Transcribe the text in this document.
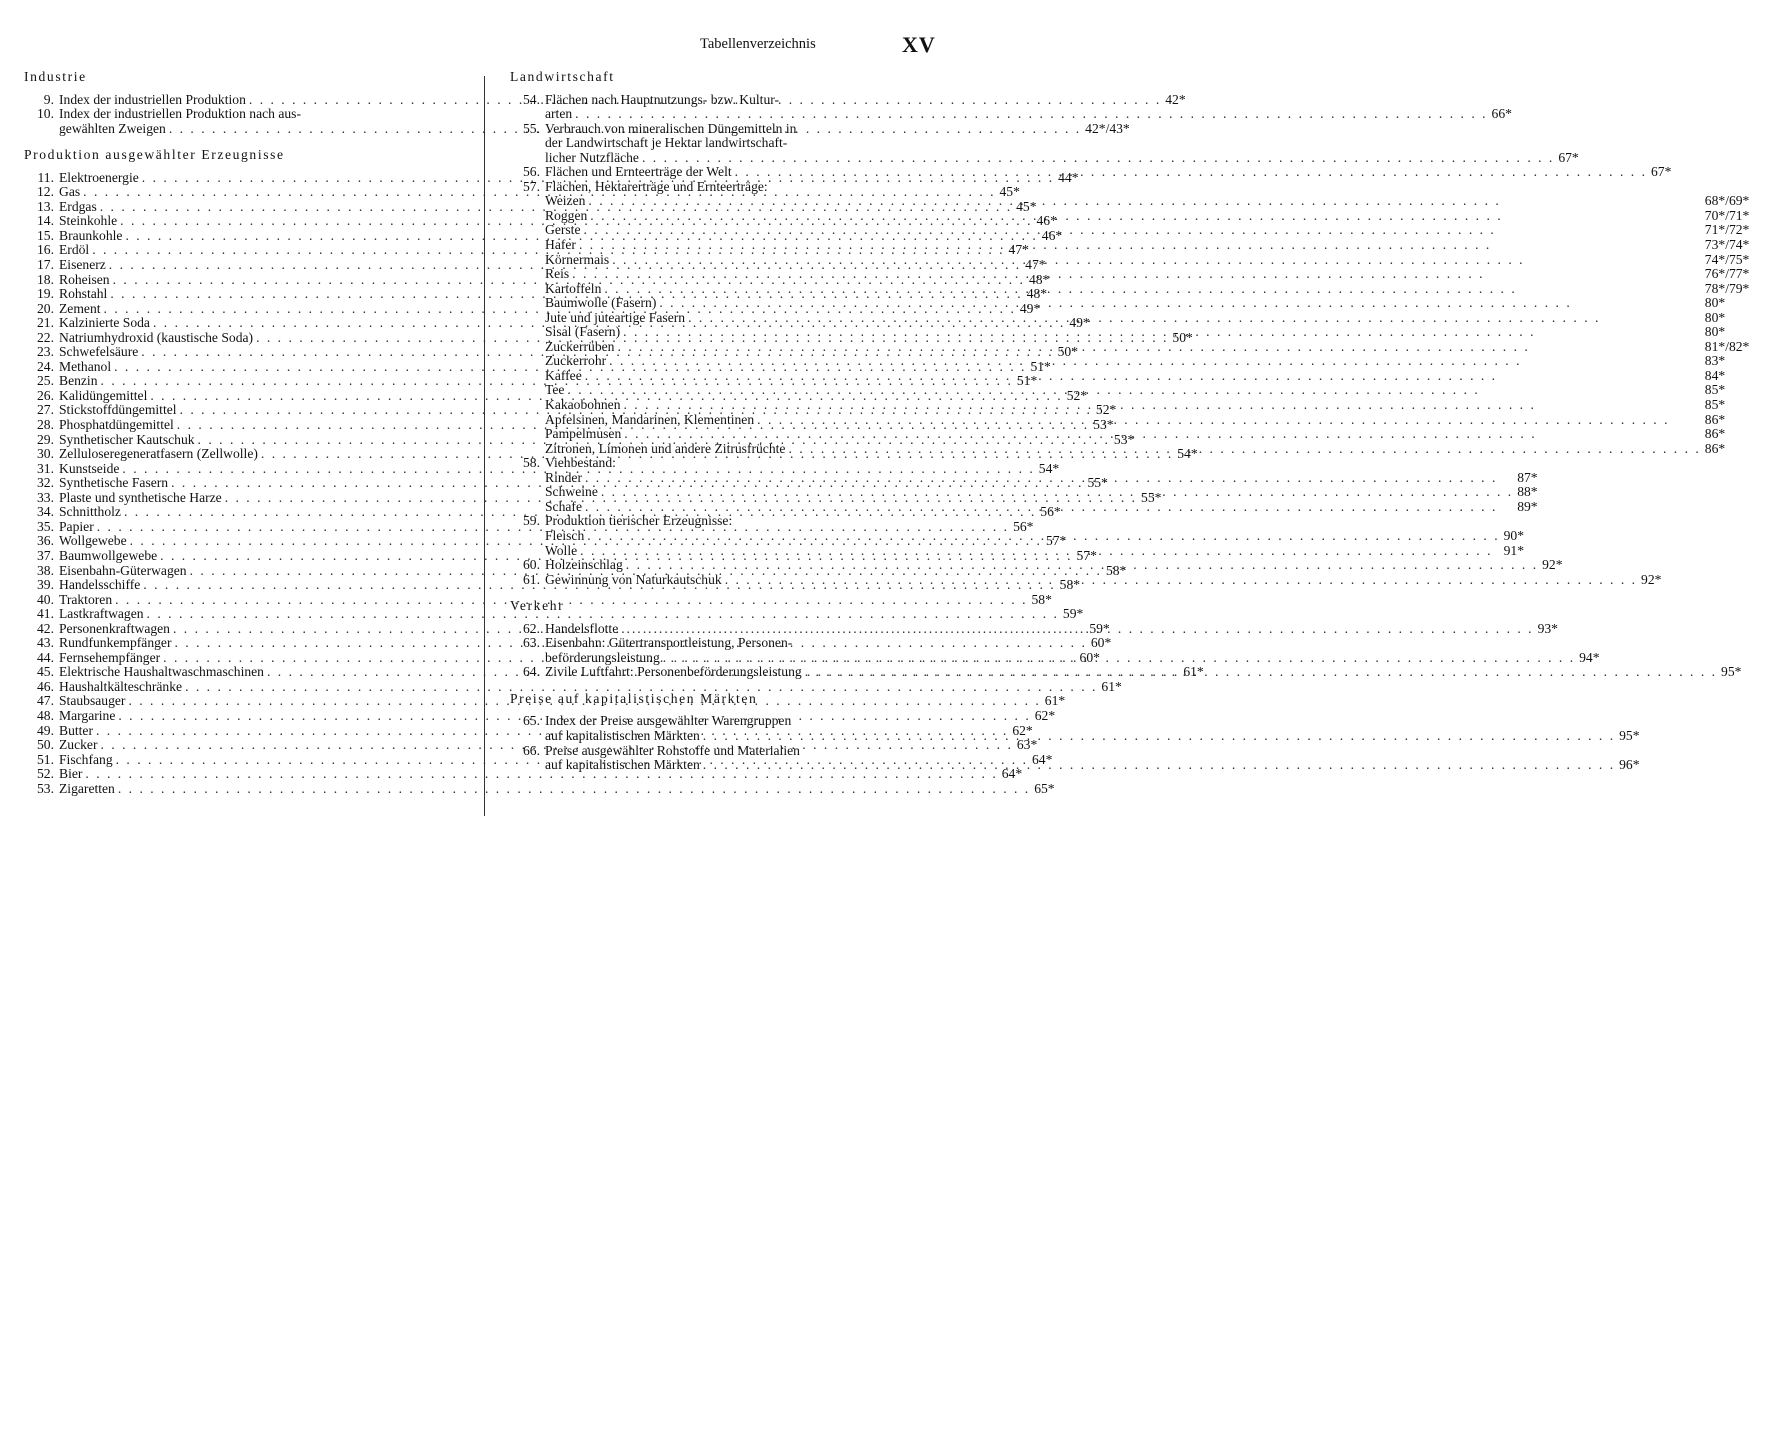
Tabellenverzeichnis	XV
Industrie
9. Index der industriellen Produktion . . .	42*
10. Index der industriellen Produktion nach aus-
gewählten Zweigen . . .	42*/43*
Produktion ausgewählter Erzeugnisse
11. Elektroenergie . . .	44*
12. Gas . . .	45*
13. Erdgas . . .	45*
14. Steinkohle . . .	46*
15. Braunkohle . . .	46*
16. Erdöl . . .	47*
17. Eisenerz . . .	47*
18. Roheisen . . .	48*
19. Rohstahl . . .	48*
20. Zement . . .	49*
21. Kalzinierte Soda . . .	49*
22. Natriumhydroxid (kaustische Soda) . . .	50*
23. Schwefelsäure . . .	50*
24. Methanol . . .	51*
25. Benzin . . .	51*
26. Kalidüngemittel . . .	52*
27. Stickstoffdüngemittel . . .	52*
28. Phosphatdüngemittel . . .	53*
29. Synthetischer Kautschuk . . .	53*
30. Zelluloseregeneratfasern (Zellwolle) . . .	54*
31. Kunstseide . . .	54*
32. Synthetische Fasern . . .	55*
33. Plaste und synthetische Harze . . .	55*
34. Schnittholz . . .	56*
35. Papier . . .	56*
36. Wollgewebe . . .	57*
37. Baumwollgewebe . . .	57*
38. Eisenbahn-Güterwagen . . .	58*
39. Handelsschiffe . . .	58*
40. Traktoren . . .	58*
41. Lastkraftwagen . . .	59*
42. Personenkraftwagen . . .	59*
43. Rundfunkempfänger . . .	60*
44. Fernsehempfänger . . .	60*
45. Elektrische Haushaltwaschmaschinen . . .	61*
46. Haushaltkälteschränke . . .	61*
47. Staubsauger . . .	61*
48. Margarine . . .	62*
49. Butter . . .	62*
50. Zucker . . .	63*
51. Fischfang . . .	64*
52. Bier . . .	64*
53. Zigaretten . . .	65*
Landwirtschaft
54. Flächen nach Hauptnutzungs- bzw. Kultur-
arten . . .	66*
55. Verbrauch von mineralischen Düngemitteln in
der Landwirtschaft je Hektar landwirtschaft-
licher Nutzfläche . . .	67*
56. Flächen und Ernteerträge der Welt . . .	67*
57. Flächen, Hektarerträge und Ernteerträge:
Weizen . . .	68*/69*
Roggen . . .	70*/71*
Gerste . . .	71*/72*
Hafer . . .	73*/74*
Körnermais . . .	74*/75*
Reis . . .	76*/77*
Kartoffeln . . .	78*/79*
Baumwolle (Fasern) . . .	80*
Jute und juteartige Fasern . . .	80*
Sisal (Fasern) . . .	80*
Zuckerrüben . . .	81*/82*
Zuckerrohr . . .	83*
Kaffee . . .	84*
Tee . . .	85*
Kakaobohnen . . .	85*
Apfelsinen, Mandarinen, Klementinen . . .	86*
Pampelmusen . . .	86*
Zitronen, Limonen und andere Zitrusfrüchte . . .	86*
58. Viehbestand:
Rinder . . .	87*
Schweine . . .	88*
Schafe . . .	89*
59. Produktion tierischer Erzeugnisse:
Fleisch . . .	90*
Wolle . . .	91*
60. Holzeinschlag . . .	92*
61. Gewinnung von Naturkautschuk . . .	92*
Verkehr
62. Handelsflotte . . .	93*
63. Eisenbahn: Gütertransportleistung, Personen-
beförderungsleistung . . .	94*
64. Zivile Luftfahrt: Personenbeförderungsleistung . . .	95*
Preise auf kapitalistischen Märkten
65. Index der Preise ausgewählter Warengruppen
auf kapitalistischen Märkten . . .	95*
66. Preise ausgewählter Rohstoffe und Materialien
auf kapitalistischen Märkten . . .	96*
